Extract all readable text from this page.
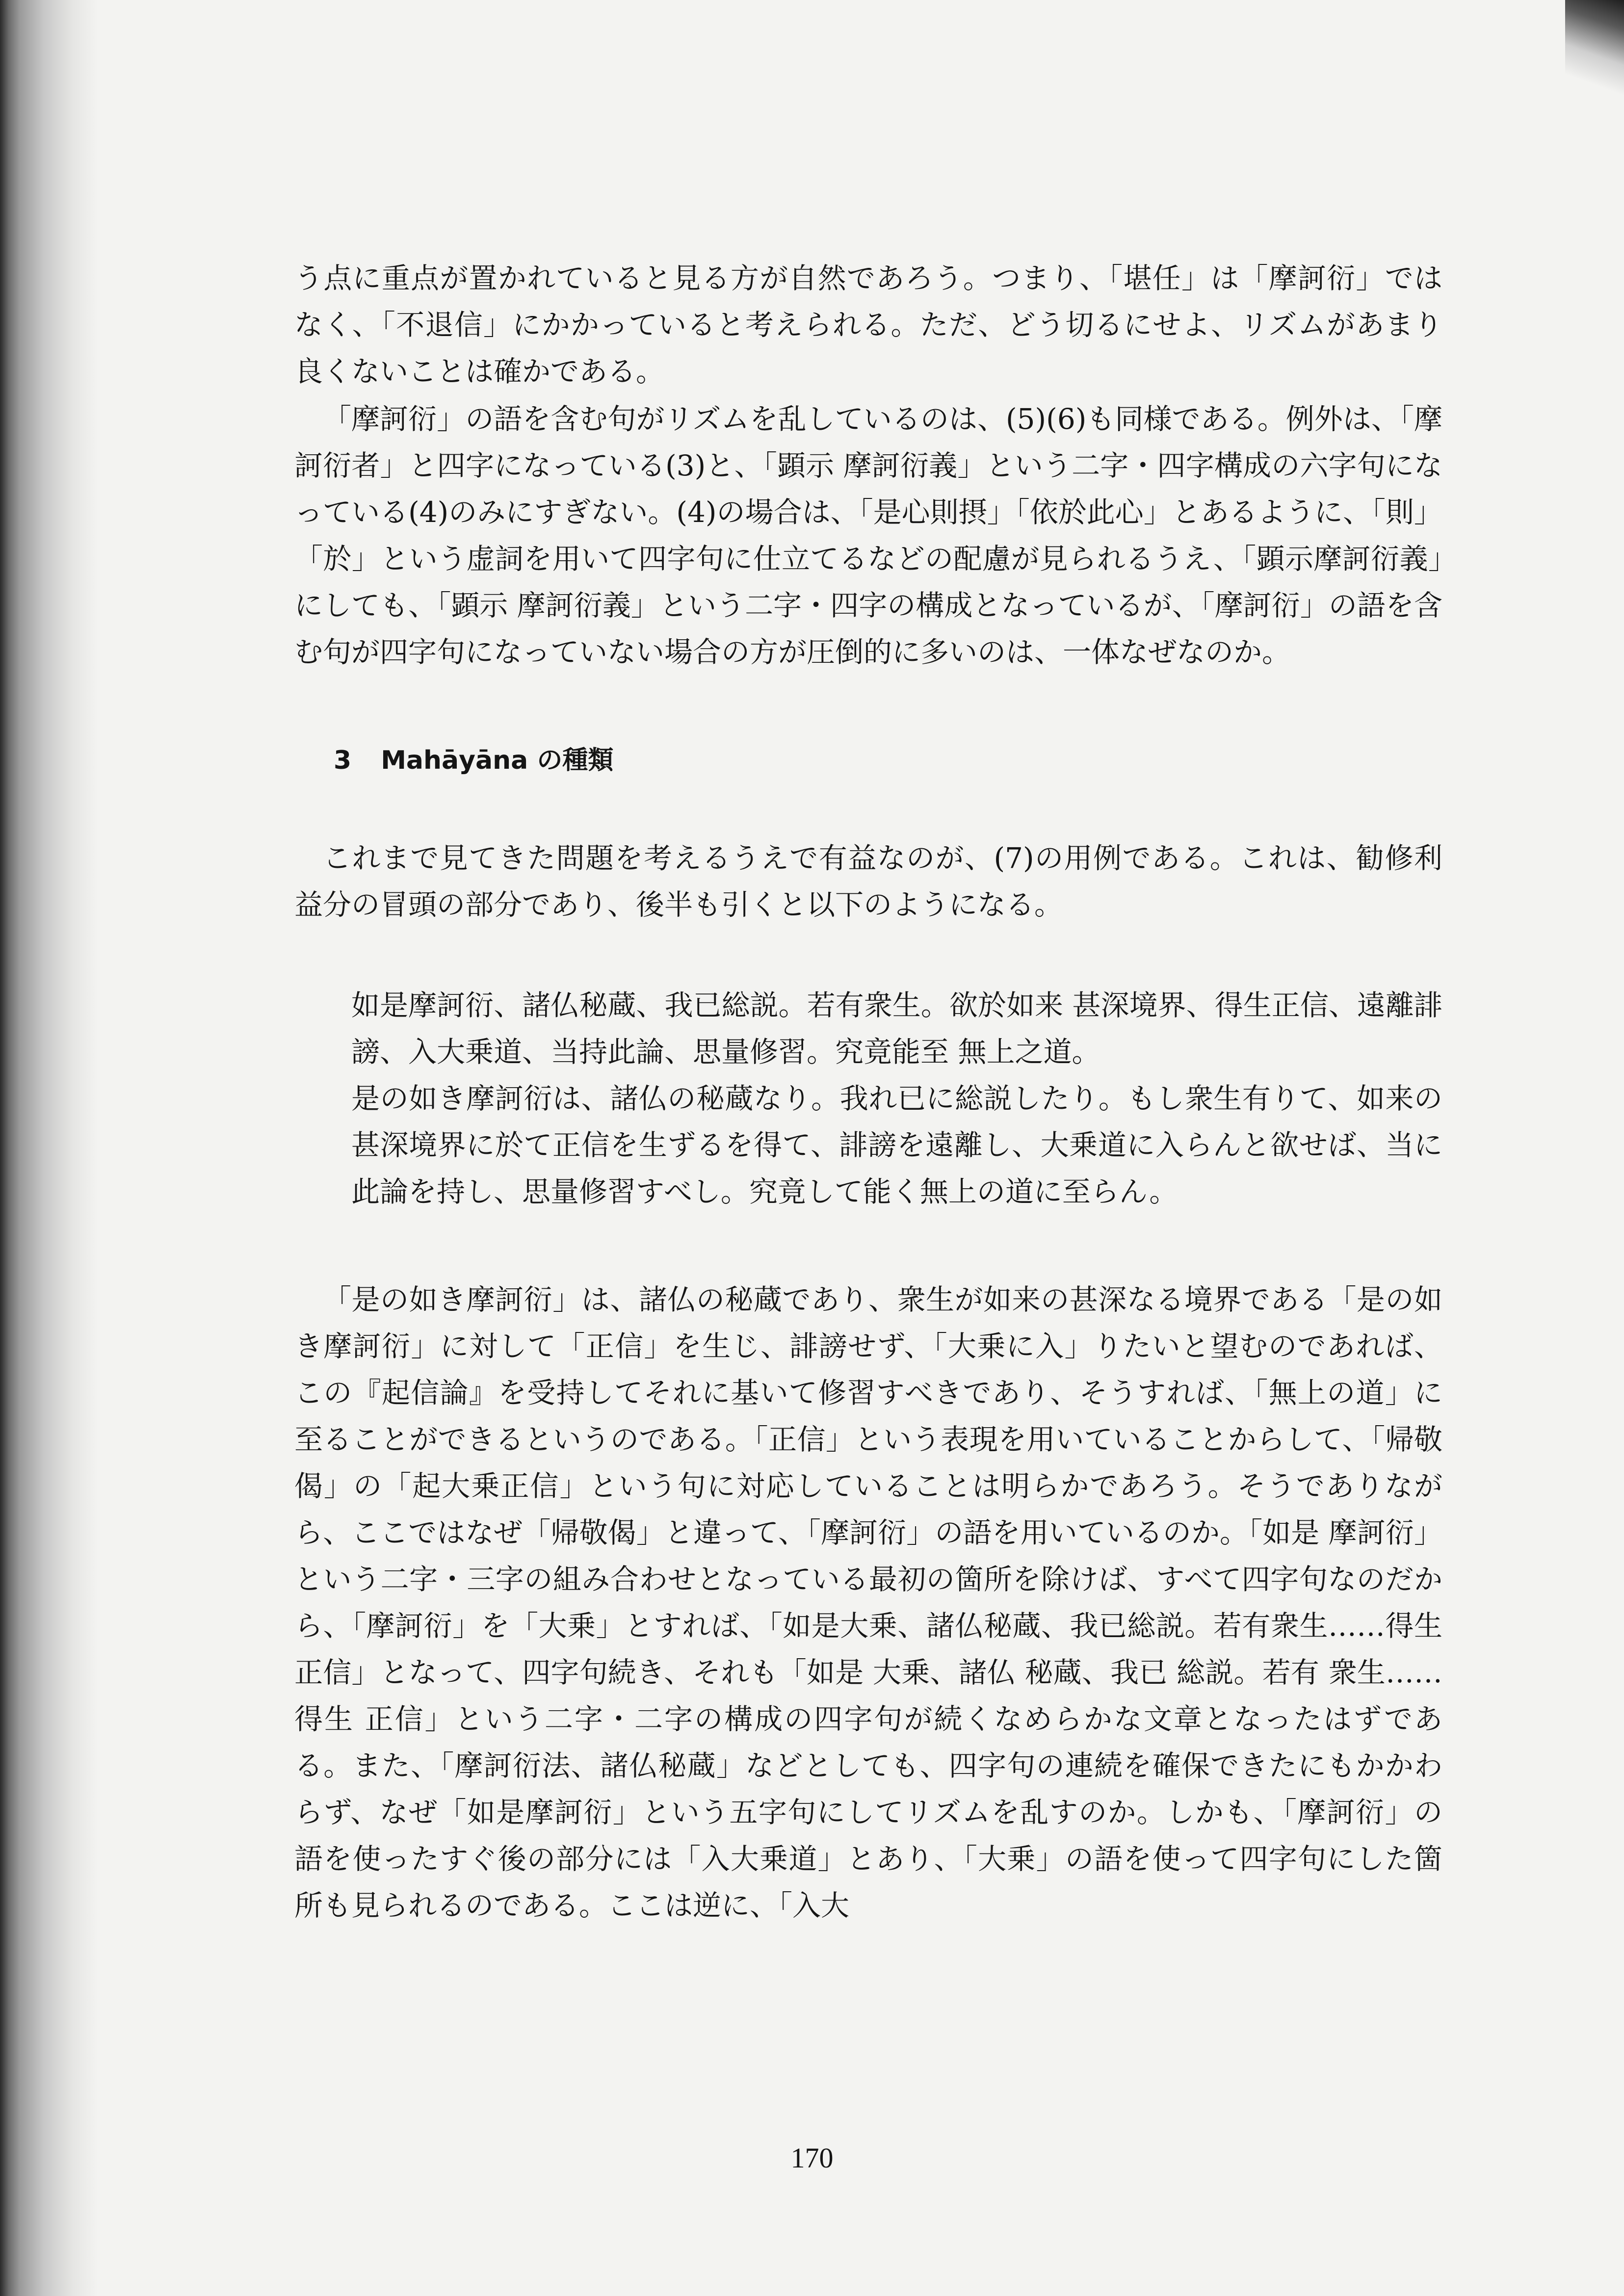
う点に重点が置かれていると見る方が自然であろう。つまり、「堪任」は「摩訶衍」ではなく、「不退信」にかかっていると考えられる。ただ、どう切るにせよ、リズムがあまり良くないことは確かである。

「摩訶衍」の語を含む句がリズムを乱しているのは、(5)(6)も同様である。例外は、「摩訶衍者」と四字になっている(3)と、「顕示 摩訶衍義」という二字・四字構成の六字句になっている(4)のみにすぎない。(4)の場合は、「是心則摂」「依於此心」とあるように、「則」「於」という虚詞を用いて四字句に仕立てるなどの配慮が見られるうえ、「顕示摩訶衍義」にしても、「顕示 摩訶衍義」という二字・四字の構成となっているが、「摩訶衍」の語を含む句が四字句になっていない場合の方が圧倒的に多いのは、一体なぜなのか。

3 Mahāyāna の種類

これまで見てきた問題を考えるうえで有益なのが、(7)の用例である。これは、勧修利益分の冒頭の部分であり、後半も引くと以下のようになる。

如是摩訶衍、諸仏秘蔵、我已総説。若有衆生。欲於如来 甚深境界、得生正信、遠離誹謗、入大乗道、当持此論、思量修習。究竟能至 無上之道。

是の如き摩訶衍は、諸仏の秘蔵なり。我れ已に総説したり。もし衆生有りて、如来の甚深境界に於て正信を生ずるを得て、誹謗を遠離し、大乗道に入らんと欲せば、当に此論を持し、思量修習すべし。究竟して能く無上の道に至らん。

「是の如き摩訶衍」は、諸仏の秘蔵であり、衆生が如来の甚深なる境界である「是の如き摩訶衍」に対して「正信」を生じ、誹謗せず、「大乗に入」りたいと望むのであれば、この『起信論』を受持してそれに基いて修習すべきであり、そうすれば、「無上の道」に至ることができるというのである。「正信」という表現を用いていることからして、「帰敬偈」の「起大乗正信」という句に対応していることは明らかであろう。そうでありながら、ここではなぜ「帰敬偈」と違って、「摩訶衍」の語を用いているのか。「如是 摩訶衍」という二字・三字の組み合わせとなっている最初の箇所を除けば、すべて四字句なのだから、「摩訶衍」を「大乗」とすれば、「如是大乗、諸仏秘蔵、我已総説。若有衆生……得生正信」となって、四字句続き、それも「如是 大乗、諸仏 秘蔵、我已 総説。若有 衆生……得生 正信」という二字・二字の構成の四字句が続くなめらかな文章となったはずである。また、「摩訶衍法、諸仏秘蔵」などとしても、四字句の連続を確保できたにもかかわらず、なぜ「如是摩訶衍」という五字句にしてリズムを乱すのか。しかも、「摩訶衍」の語を使ったすぐ後の部分には「入大乗道」とあり、「大乗」の語を使って四字句にした箇所も見られるのである。ここは逆に、「入大

170
